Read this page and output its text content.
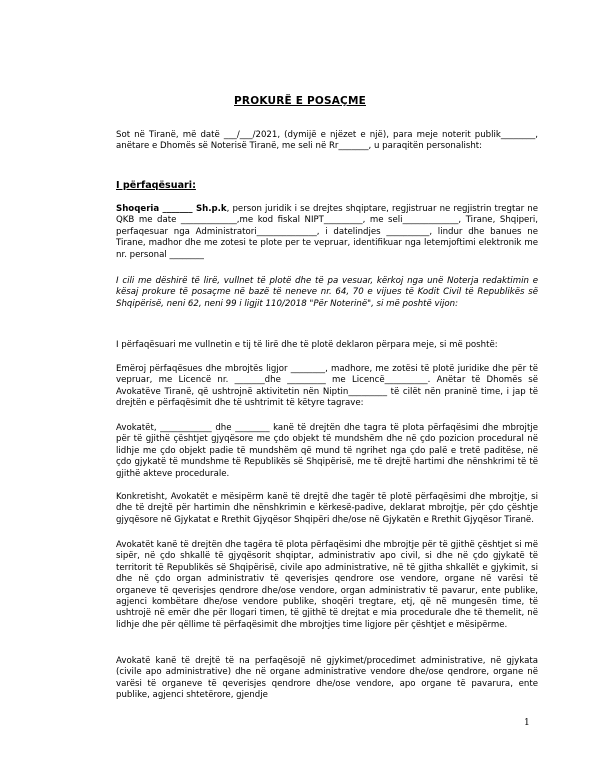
PROKURË E POSAÇME

Sot në Tiranë, më datë ___/___/2021, (dymijë e njëzet e një), para meje noterit publik________, anëtare e Dhomës së Noterisë Tiranë, me seli në Rr_______, u paraqitën personalisht:

I përfaqësuari:

Shoqeria _______ Sh.p.k, person juridik i se drejtes shqiptare, regjistruar ne regjistrin tregtar ne QKB me date _____________,me kod fiskal NIPT_________, me seli_____________, Tirane, Shqiperi, perfaqesuar nga Administratori______________, i datelindjes __________, lindur dhe banues ne Tirane, madhor dhe me zotesi te plote per te vepruar, identifikuar nga letemjoftimi elektronik me nr. personal ________

I cili me dëshirë të lirë, vullnet të plotë dhe të pa vesuar, kërkoj nga unë Noterja redaktimin e kësaj prokure të posaçme në bazë të neneve nr. 64, 70 e vijues të Kodit Civil të Republikës së Shqipërisë, neni 62, neni 99 i ligjit 110/2018 "Për Noterinë", si më poshtë vijon:

I përfaqësuari me vullnetin e tij të lirë dhe të plotë deklaron përpara meje, si më poshtë:

Emëroj përfaqësues dhe mbrojtës ligjor ________, madhore, me zotësi të plotë juridike dhe për të vepruar, me Licencë nr. _______dhe _________ me Licencë__________. Anëtar të Dhomës së Avokatëve Tiranë, që ushtrojnë aktivitetin nën Niptin_________ të cilët nën praninë time, i jap të drejtën e përfaqësimit dhe të ushtrimit të këtyre tagrave:

Avokatët, ____________ dhe ________ kanë të drejtën dhe tagra të plota përfaqësimi dhe mbrojtje për të gjithë çështjet gjyqësore me çdo objekt të mundshëm dhe në çdo pozicion procedural në lidhje me çdo objekt padie të mundshëm që mund të ngrihet nga çdo palë e tretë paditëse, në çdo gjykatë të mundshme të Republikës së Shqipërisë, me të drejtë hartimi dhe nënshkrimi të të gjithë akteve procedurale.

Konkretisht, Avokatët e mësipërm kanë të drejtë dhe tagër të plotë përfaqësimi dhe mbrojtje, si dhe të drejtë për hartimin dhe nënshkrimin e kërkesë-padive, deklarat mbrojtje, për çdo çështje gjyqësore në Gjykatat e Rrethit Gjyqësor Shqipëri dhe/ose në Gjykatën e Rrethit Gjyqësor Tiranë.

Avokatët kanë të drejtën dhe tagëra të plota përfaqësimi dhe mbrojtje për të gjithë çështjet si më sipër, në çdo shkallë të gjyqësorit shqiptar, administrativ apo civil, si dhe në çdo gjykatë të territorit të Republikës së Shqipërisë, civile apo administrative, në të gjitha shkallët e gjykimit, si dhe në çdo organ administrativ të qeverisjes qendrore ose vendore, organe në varësi të organeve të qeverisjes qendrore dhe/ose vendore, organ administrativ të pavarur, ente publike, agjenci kombëtare dhe/ose vendore publike, shoqëri tregtare, etj, që në mungesën time, të ushtrojë në emër dhe për llogari timen, të gjithë të drejtat e mia procedurale dhe të themelit, në lidhje dhe për qëllime të përfaqësimit dhe mbrojtjes time ligjore për çështjet e mësipërme.

Avokatë kanë të drejtë të na perfaqësojë në gjykimet/procedimet administrative, në gjykata (civile apo administrative) dhe në organe administrative vendore dhe/ose qendrore, organe në varësi të organeve të qeverisjes qendrore dhe/ose vendore, apo organe të pavarura, ente publike, agjenci shtetërore, gjendje

1
